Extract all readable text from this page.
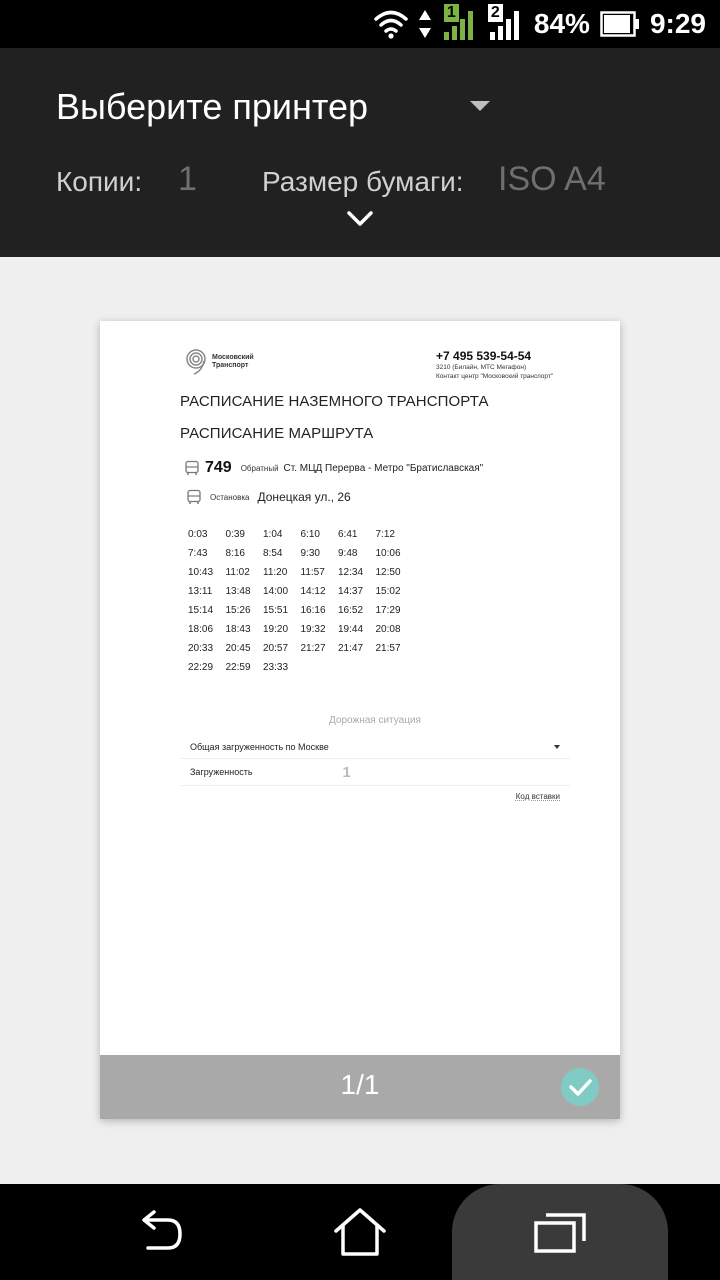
1 2 84% 9:29
Выберите принтер
Копии: 1 Размер бумаги: ISO A4
Московский
Транспорт
+7 495 539-54-54
3210 (Билайн, МТС Мегафон)
Контакт центр "Московский транспорт"
РАСПИСАНИЕ НАЗЕМНОГО ТРАНСПОРТА
РАСПИСАНИЕ МАРШРУТА
749 Обратный Ст. МЦД Перерва - Метро "Братиславская"
Остановка Донецкая ул., 26
0:03	0:39	1:04	6:10	6:41	7:12
7:43	8:16	8:54	9:30	9:48	10:06
10:43	11:02	11:20	11:57	12:34	12:50
13:11	13:48	14:00	14:12	14:37	15:02
15:14	15:26	15:51	16:16	16:52	17:29
18:06	18:43	19:20	19:32	19:44	20:08
20:33	20:45	20:57	21:27	21:47	21:57
22:29	22:59	23:33
Дорожная ситуация
Общая загруженность по Москве
Загруженность	1
Код вставки
1/1
